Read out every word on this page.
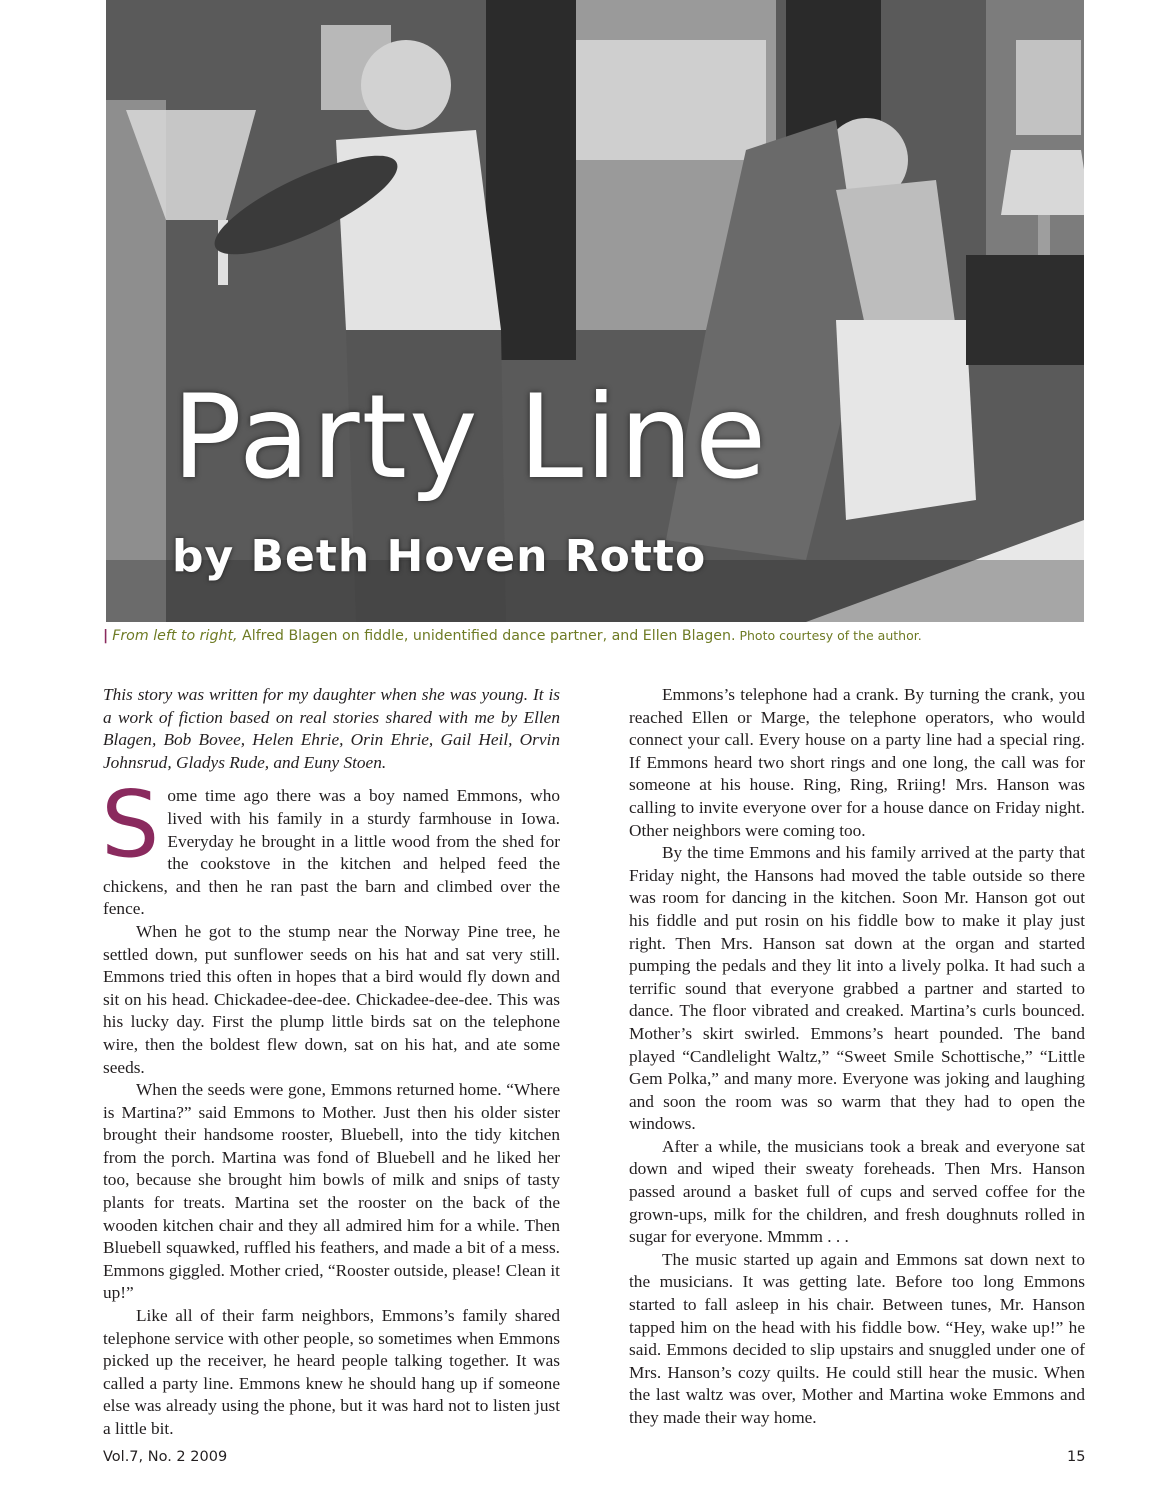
Party Line
by Beth Hoven Rotto
| From left to right, Alfred Blagen on fiddle, unidentified dance partner, and Ellen Blagen. Photo courtesy of the author.

This story was written for my daughter when she was young. It is a work of fiction based on real stories shared with me by Ellen Blagen, Bob Bovee, Helen Ehrie, Orin Ehrie, Gail Heil, Orvin Johnsrud, Gladys Rude, and Euny Stoen.

Some time ago there was a boy named Emmons, who lived with his family in a sturdy farmhouse in Iowa. Everyday he brought in a little wood from the shed for the cookstove in the kitchen and helped feed the chickens, and then he ran past the barn and climbed over the fence.

When he got to the stump near the Norway Pine tree, he settled down, put sunflower seeds on his hat and sat very still. Emmons tried this often in hopes that a bird would fly down and sit on his head. Chickadee-dee-dee. Chickadee-dee-dee. This was his lucky day. First the plump little birds sat on the telephone wire, then the boldest flew down, sat on his hat, and ate some seeds.

When the seeds were gone, Emmons returned home. “Where is Martina?” said Emmons to Mother. Just then his older sister brought their handsome rooster, Bluebell, into the tidy kitchen from the porch. Martina was fond of Bluebell and he liked her too, because she brought him bowls of milk and snips of tasty plants for treats. Martina set the rooster on the back of the wooden kitchen chair and they all admired him for a while. Then Bluebell squawked, ruffled his feathers, and made a bit of a mess. Emmons giggled. Mother cried, “Rooster outside, please! Clean it up!”

Like all of their farm neighbors, Emmons’s family shared telephone service with other people, so sometimes when Emmons picked up the receiver, he heard people talking together. It was called a party line. Emmons knew he should hang up if someone else was already using the phone, but it was hard not to listen just a little bit.

Emmons’s telephone had a crank. By turning the crank, you reached Ellen or Marge, the telephone operators, who would connect your call. Every house on a party line had a special ring. If Emmons heard two short rings and one long, the call was for someone at his house. Ring, Ring, Rriing! Mrs. Hanson was calling to invite everyone over for a house dance on Friday night. Other neighbors were coming too.

By the time Emmons and his family arrived at the party that Friday night, the Hansons had moved the table outside so there was room for dancing in the kitchen. Soon Mr. Hanson got out his fiddle and put rosin on his fiddle bow to make it play just right. Then Mrs. Hanson sat down at the organ and started pumping the pedals and they lit into a lively polka. It had such a terrific sound that everyone grabbed a partner and started to dance. The floor vibrated and creaked. Martina’s curls bounced. Mother’s skirt swirled. Emmons’s heart pounded. The band played “Candlelight Waltz,” “Sweet Smile Schottische,” “Little Gem Polka,” and many more. Everyone was joking and laughing and soon the room was so warm that they had to open the windows.

After a while, the musicians took a break and everyone sat down and wiped their sweaty foreheads. Then Mrs. Hanson passed around a basket full of cups and served coffee for the grown-ups, milk for the children, and fresh doughnuts rolled in sugar for everyone. Mmmm . . .

The music started up again and Emmons sat down next to the musicians. It was getting late. Before too long Emmons started to fall asleep in his chair. Between tunes, Mr. Hanson tapped him on the head with his fiddle bow. “Hey, wake up!” he said. Emmons decided to slip upstairs and snuggled under one of Mrs. Hanson’s cozy quilts. He could still hear the music. When the last waltz was over, Mother and Martina woke Emmons and they made their way home.

Vol.7, No. 2 2009	15
